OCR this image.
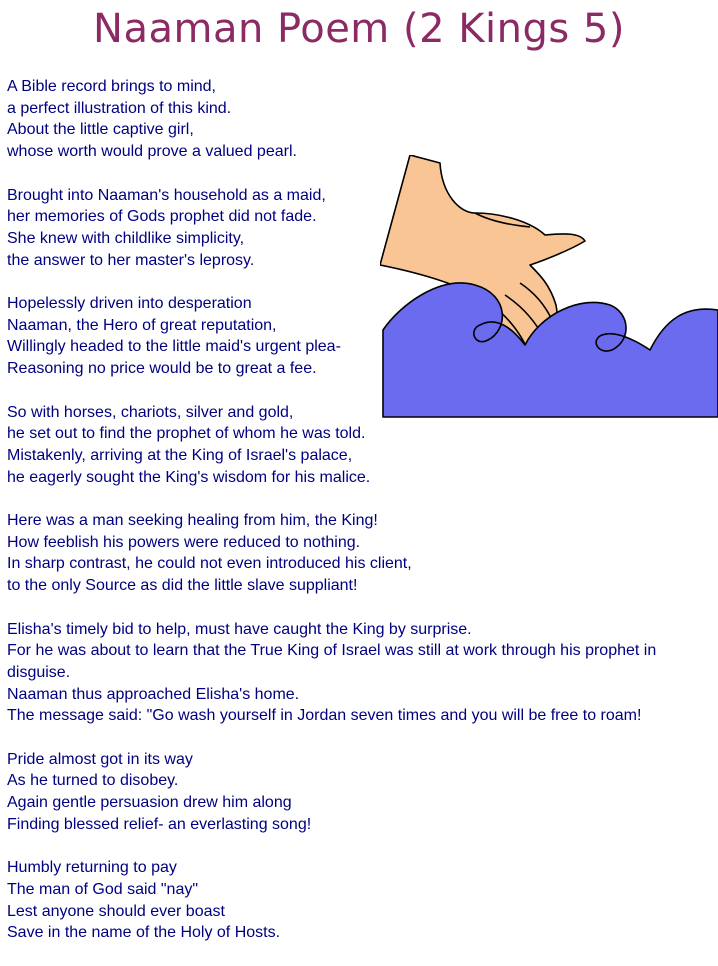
Naaman Poem (2 Kings 5)
A Bible record brings to mind,
a perfect illustration of this kind.
About the little captive girl,
whose worth would prove a valued pearl.
Brought into Naaman's household as a maid,
her memories of Gods prophet did not fade.
She knew with childlike simplicity,
the answer to her master's leprosy.
Hopelessly driven into desperation
Naaman, the Hero of great reputation,
Willingly headed to the little maid's urgent plea-
Reasoning no price would be to great a fee.
So with horses, chariots, silver and gold,
he set out to find the prophet of whom he was told.
Mistakenly, arriving at the King of Israel's palace,
he eagerly sought the King's wisdom for his malice.
Here was a man seeking healing from him, the King!
How feeblish his powers were reduced to nothing.
In sharp contrast, he could not even introduced his client,
to the only Source as did the little slave suppliant!
Elisha's timely bid to help, must have caught the King by surprise.
For he was about to learn that the True King of Israel was still at work through his prophet in disguise.
Naaman thus approached Elisha's home.
The message said: "Go wash yourself in Jordan seven times and you will be free to roam!
Pride almost got in its way
As he turned to disobey.
Again gentle persuasion drew him along
Finding blessed relief- an everlasting song!
Humbly returning to pay
The man of God said "nay"
Lest anyone should ever boast
Save in the name of the Holy of Hosts.
